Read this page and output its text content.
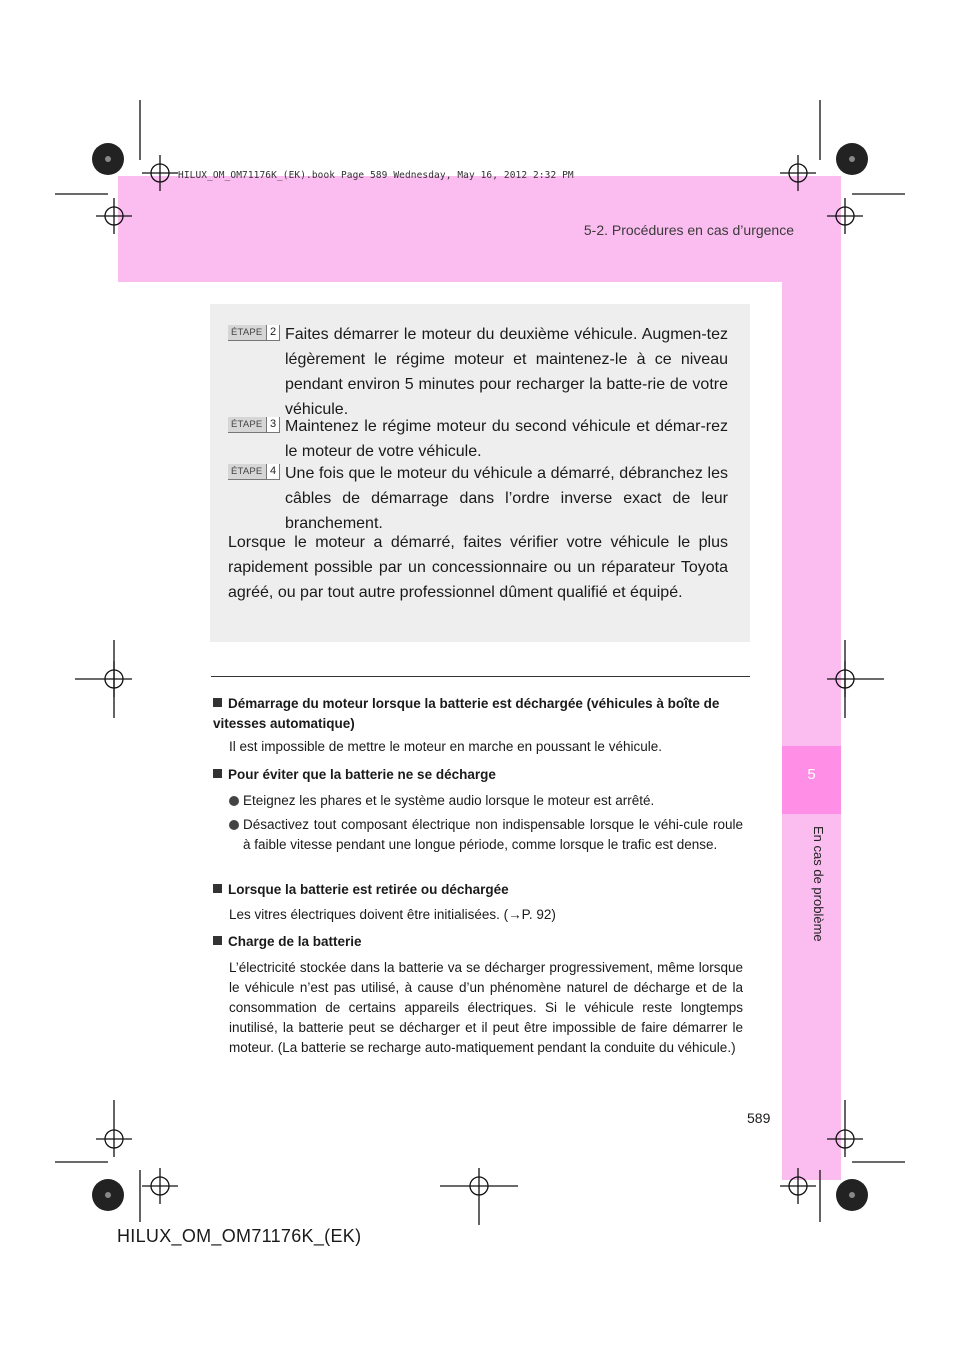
5-2. Procédures en cas d’urgence
HILUX_OM_OM71176K_(EK).book Page 589 Wednesday, May 16, 2012 2:32 PM
5
En cas de problème
ÉTAPE 2 Faites démarrer le moteur du deuxième véhicule. Augmen-tez légèrement le régime moteur et maintenez-le à ce niveau pendant environ 5 minutes pour recharger la batte-rie de votre véhicule.
ÉTAPE 3 Maintenez le régime moteur du second véhicule et démar-rez le moteur de votre véhicule.
ÉTAPE 4 Une fois que le moteur du véhicule a démarré, débranchez les câbles de démarrage dans l’ordre inverse exact de leur branchement.
Lorsque le moteur a démarré, faites vérifier votre véhicule le plus rapidement possible par un concessionnaire ou un réparateur Toyota agréé, ou par tout autre professionnel dûment qualifié et équipé.
Démarrage du moteur lorsque la batterie est déchargée (véhicules à boîte de vitesses automatique)
Il est impossible de mettre le moteur en marche en poussant le véhicule.
Pour éviter que la batterie ne se décharge
Eteignez les phares et le système audio lorsque le moteur est arrêté.
Désactivez tout composant électrique non indispensable lorsque le véhi-cule roule à faible vitesse pendant une longue période, comme lorsque le trafic est dense.
Lorsque la batterie est retirée ou déchargée
Les vitres électriques doivent être initialisées. (→P. 92)
Charge de la batterie
L’électricité stockée dans la batterie va se décharger progressivement, même lorsque le véhicule n’est pas utilisé, à cause d’un phénomène naturel de décharge et de la consommation de certains appareils électriques. Si le véhicule reste longtemps inutilisé, la batterie peut se décharger et il peut être impossible de faire démarrer le moteur. (La batterie se recharge auto-matiquement pendant la conduite du véhicule.)
589
HILUX_OM_OM71176K_(EK)
